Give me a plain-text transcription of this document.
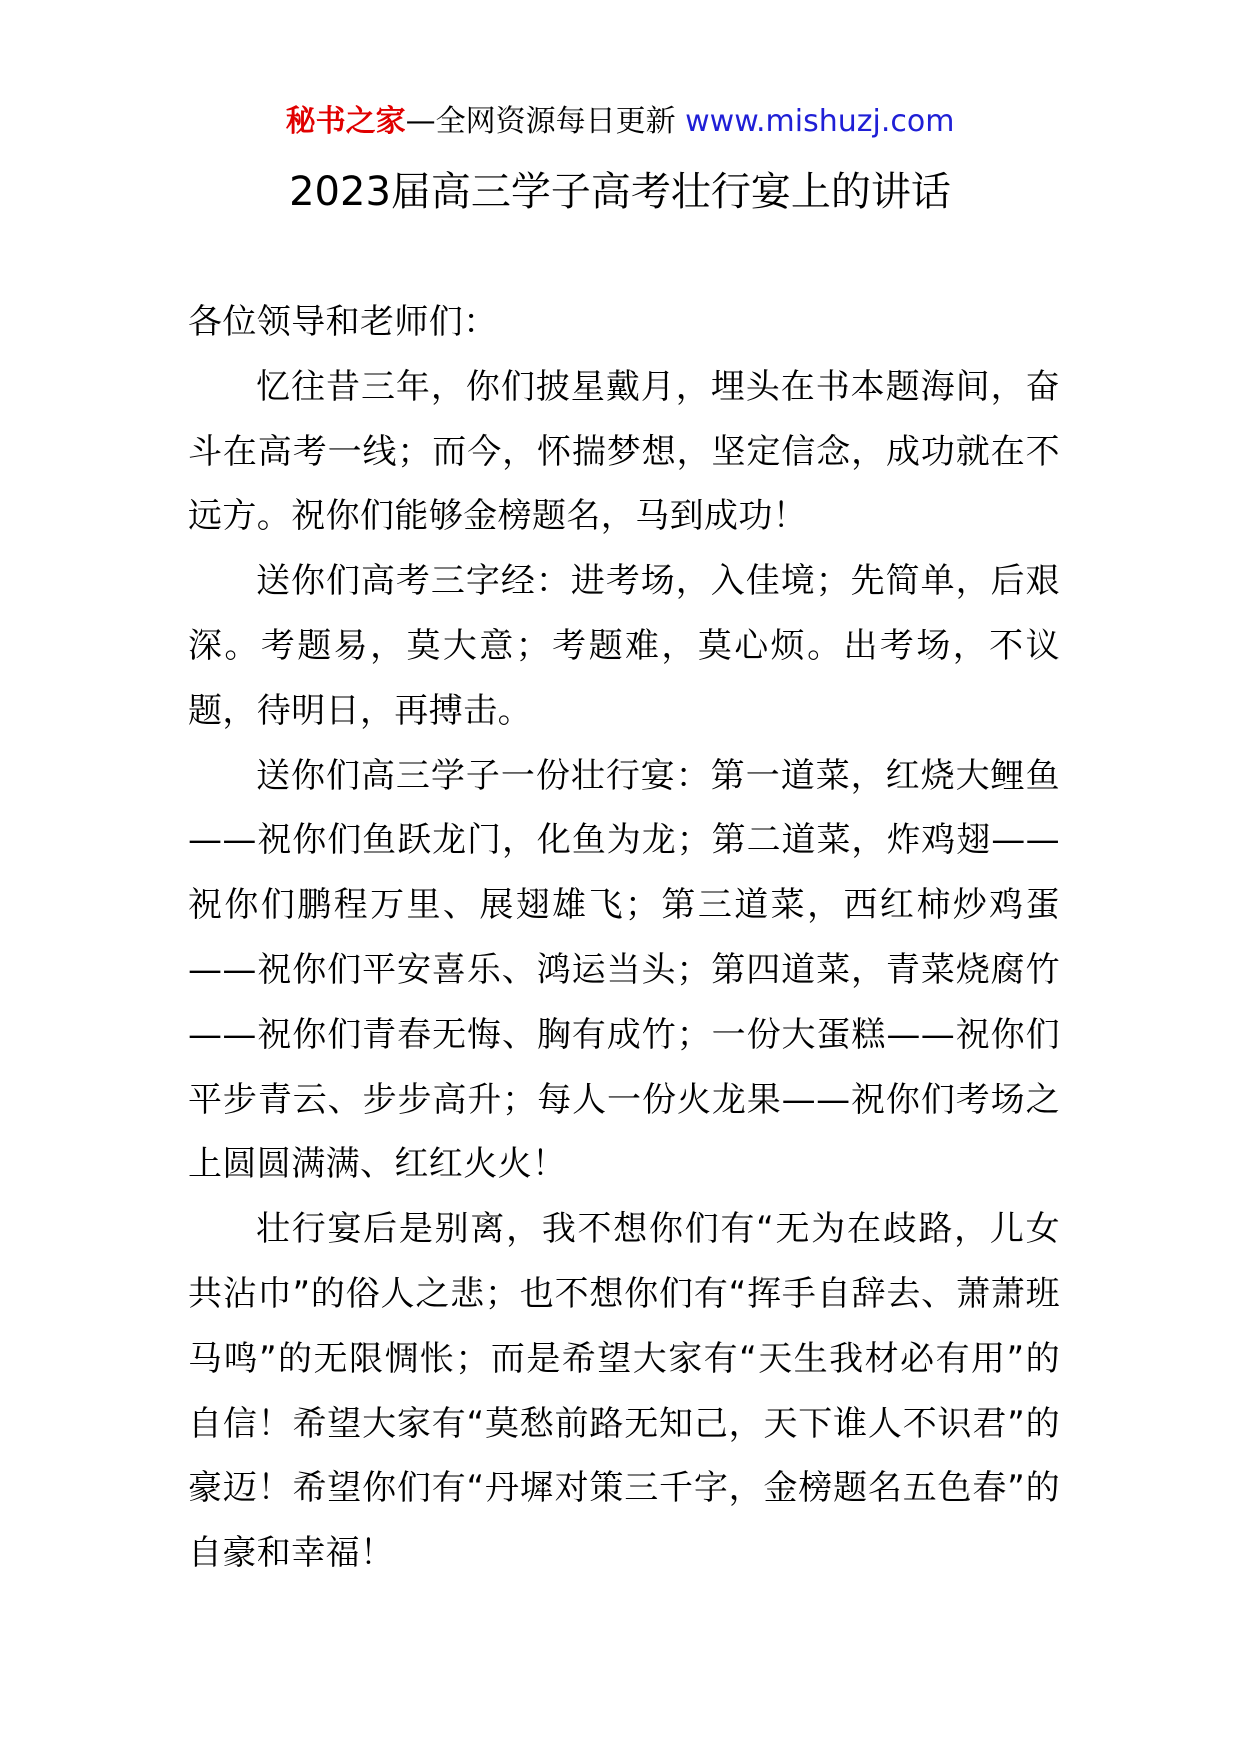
秘书之家—全网资源每日更新 www.mishuzj.com
2023届高三学子高考壮行宴上的讲话

各位领导和老师们：

忆往昔三年，你们披星戴月，埋头在书本题海间，奋斗在高考一线；而今，怀揣梦想，坚定信念，成功就在不远方。祝你们能够金榜题名，马到成功！

送你们高考三字经：进考场，入佳境；先简单，后艰深。考题易，莫大意；考题难，莫心烦。出考场，不议题，待明日，再搏击。

送你们高三学子一份壮行宴：第一道菜，红烧大鲤鱼——祝你们鱼跃龙门，化鱼为龙；第二道菜，炸鸡翅——祝你们鹏程万里、展翅雄飞；第三道菜，西红柿炒鸡蛋——祝你们平安喜乐、鸿运当头；第四道菜，青菜烧腐竹——祝你们青春无悔、胸有成竹；一份大蛋糕——祝你们平步青云、步步高升；每人一份火龙果——祝你们考场之上圆圆满满、红红火火！

壮行宴后是别离，我不想你们有“无为在歧路，儿女共沾巾”的俗人之悲；也不想你们有“挥手自辞去、萧萧班马鸣”的无限惆怅；而是希望大家有“天生我材必有用”的自信！希望大家有“莫愁前路无知己，天下谁人不识君”的豪迈！希望你们有“丹墀对策三千字，金榜题名五色春”的自豪和幸福！
